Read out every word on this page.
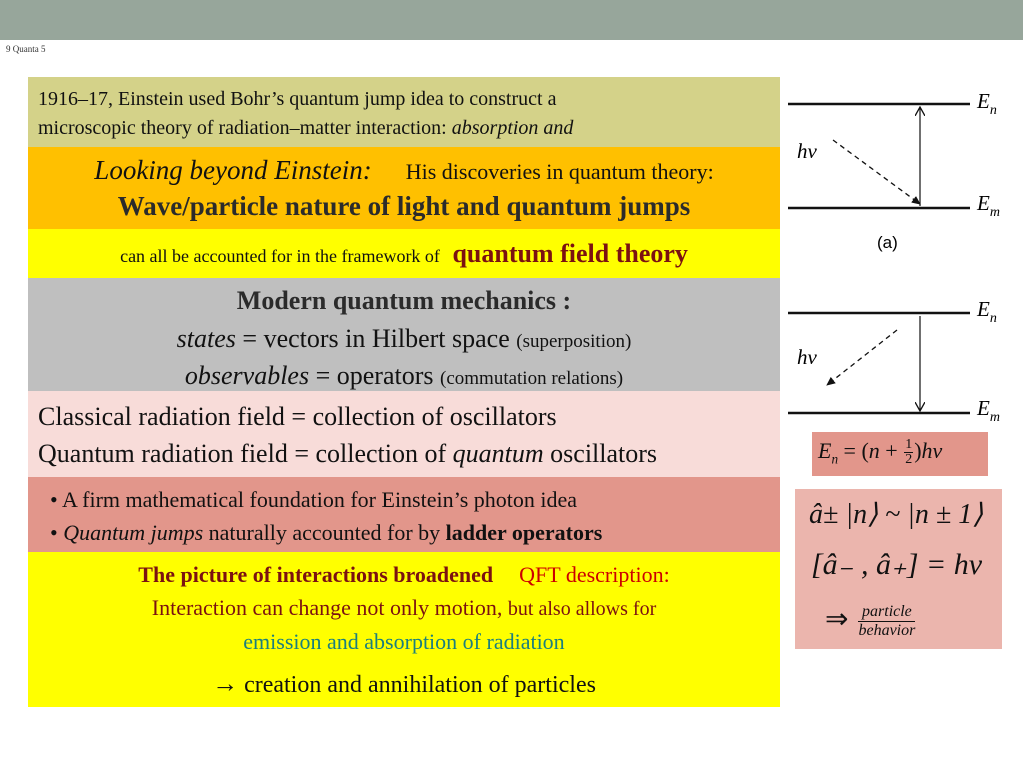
9 Quanta 5
1916–17, Einstein used Bohr’s quantum jump idea to construct a
microscopic theory of radiation–matter interaction: absorption and
Looking beyond Einstein: His discoveries in quantum theory:
Wave/particle nature of light and quantum jumps
can all be accounted for in the framework of quantum field theory
Modern quantum mechanics :
states = vectors in Hilbert space (superposition)
observables = operators (commutation relations)
Classical radiation field = collection of oscillators
Quantum radiation field = collection of quantum oscillators
• A firm mathematical foundation for Einstein’s photon idea
• Quantum jumps naturally accounted for by ladder operators
The picture of interactions broadened QFT description:
Interaction can change not only motion, but also allows for
emission and absorption of radiation
→ creation and annihilation of particles
$E_n$
$E_m$
hν
(a)
$E_n$
$E_m$
hν
$E_n = (n + \frac{1}{2} )h\nu$
â± |n⟩ ~ |n ± 1⟩
[â₋ , â₊] = hν
⇒ particle
behavior
